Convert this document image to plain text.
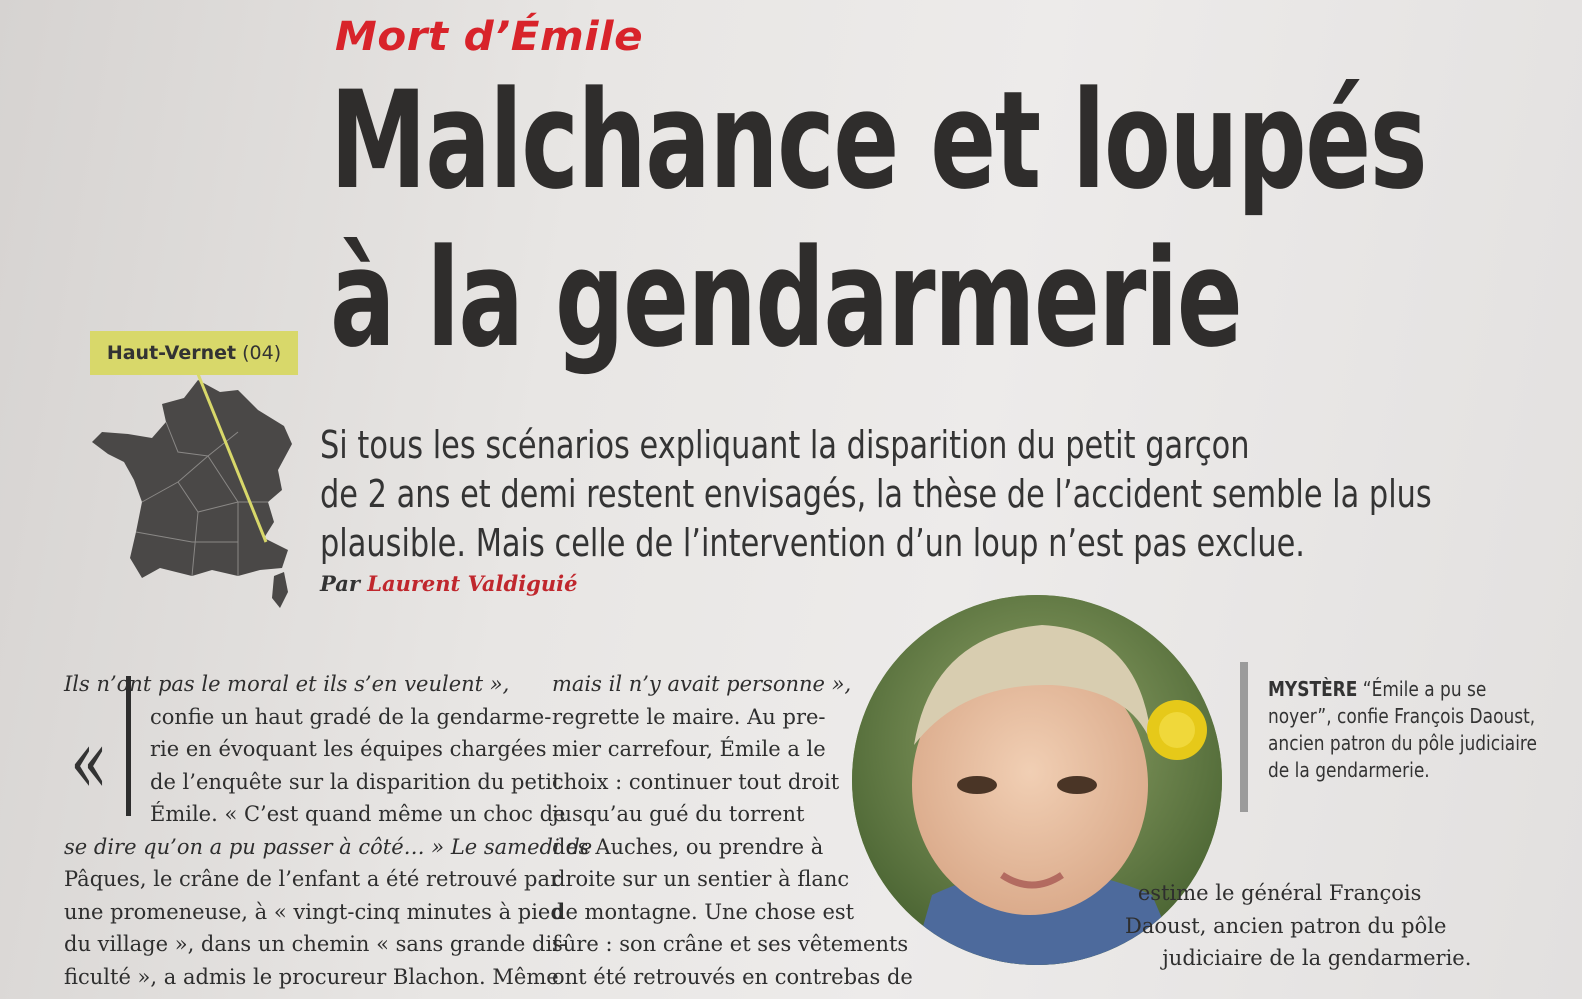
Mort d’Émile
Malchance et loupés
à la gendarmerie
Haut-Vernet (04)
Si tous les scénarios expliquant la disparition du petit garçon
de 2 ans et demi restent envisagés, la thèse de l’accident semble la plus
plausible. Mais celle de l’intervention d’un loup n’est pas exclue.
Par Laurent Valdiguié
«
Ils n’ont pas le moral et ils s’en veulent »,
confie un haut gradé de la gendarme-
rie en évoquant les équipes chargées
de l’enquête sur la disparition du petit
Émile. « C’est quand même un choc de
se dire qu’on a pu passer à côté… » Le samedi de
Pâques, le crâne de l’enfant a été retrouvé par
une promeneuse, à « vingt-cinq minutes à pied
du village », dans un chemin « sans grande dif-
ficulté », a admis le procureur Blachon. Même
mais il n’y avait personne »,
regrette le maire. Au pre-
mier carrefour, Émile a le
choix : continuer tout droit
jusqu’au gué du torrent
des Auches, ou prendre à
droite sur un sentier à flanc
de montagne. Une chose est
sûre : son crâne et ses vêtements
ont été retrouvés en contrebas de
MYSTÈRE “Émile a pu se noyer”, confie François Daoust, ancien patron du pôle judiciaire de la gendarmerie.
estime le général François
Daoust, ancien patron du pôle
judiciaire de la gendarmerie.
